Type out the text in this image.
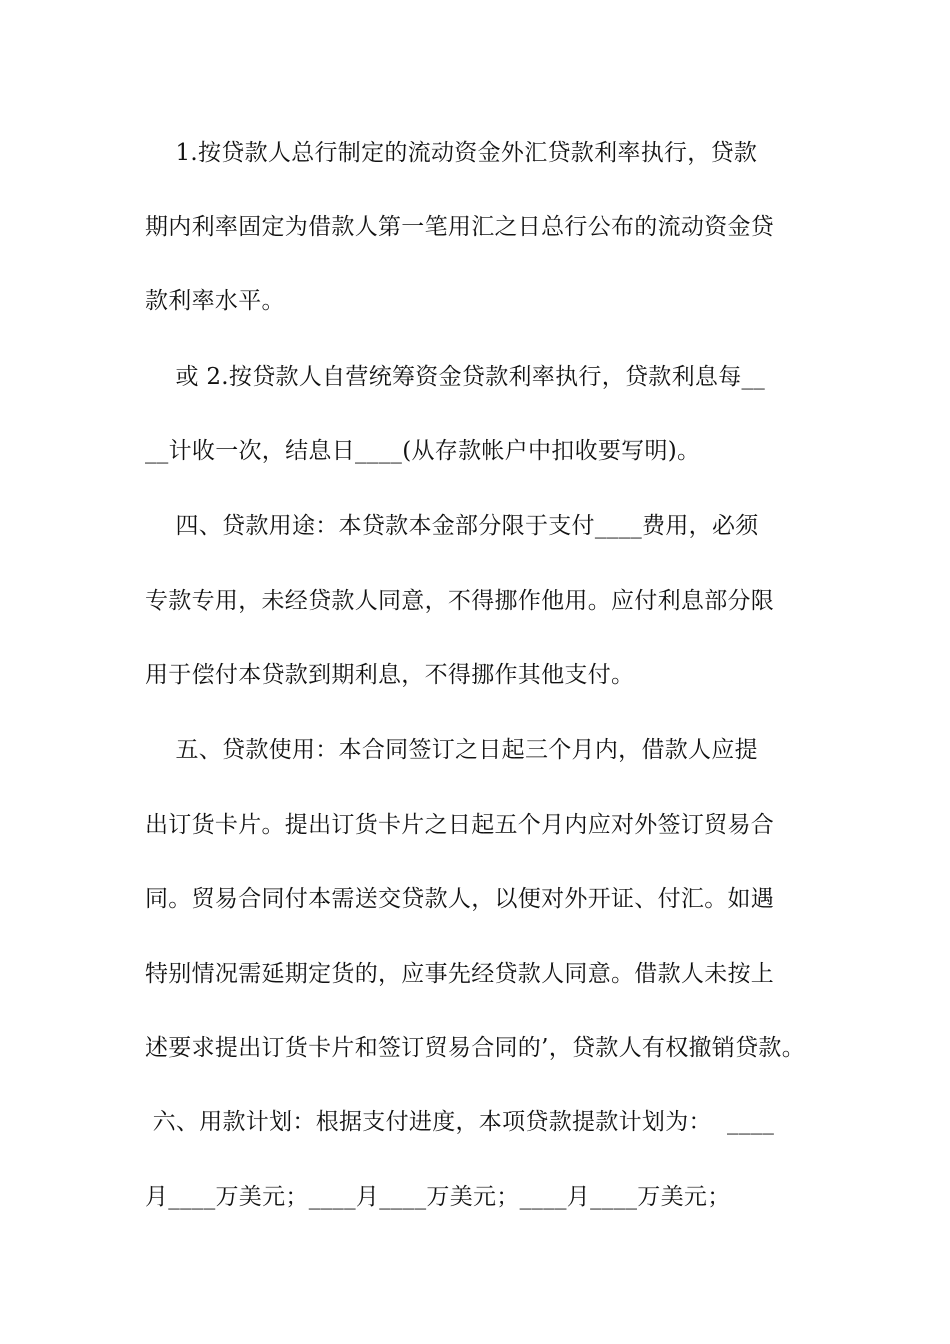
1.按贷款人总行制定的流动资金外汇贷款利率执行，贷款
期内利率固定为借款人第一笔用汇之日总行公布的流动资金贷
款利率水平。
或 2.按贷款人自营统筹资金贷款利率执行，贷款利息每__
__计收一次，结息日____(从存款帐户中扣收要写明)。
四、贷款用途：本贷款本金部分限于支付____费用，必须
专款专用，未经贷款人同意，不得挪作他用。应付利息部分限
用于偿付本贷款到期利息，不得挪作其他支付。
五、贷款使用：本合同签订之日起三个月内，借款人应提
出订货卡片。提出订货卡片之日起五个月内应对外签订贸易合
同。贸易合同付本需送交贷款人，以便对外开证、付汇。如遇
特别情况需延期定货的，应事先经贷款人同意。借款人未按上
述要求提出订货卡片和签订贸易合同的’，贷款人有权撤销贷款。
六、用款计划：根据支付进度，本项贷款提款计划为：  ____
月____万美元；____月____万美元；____月____万美元；
